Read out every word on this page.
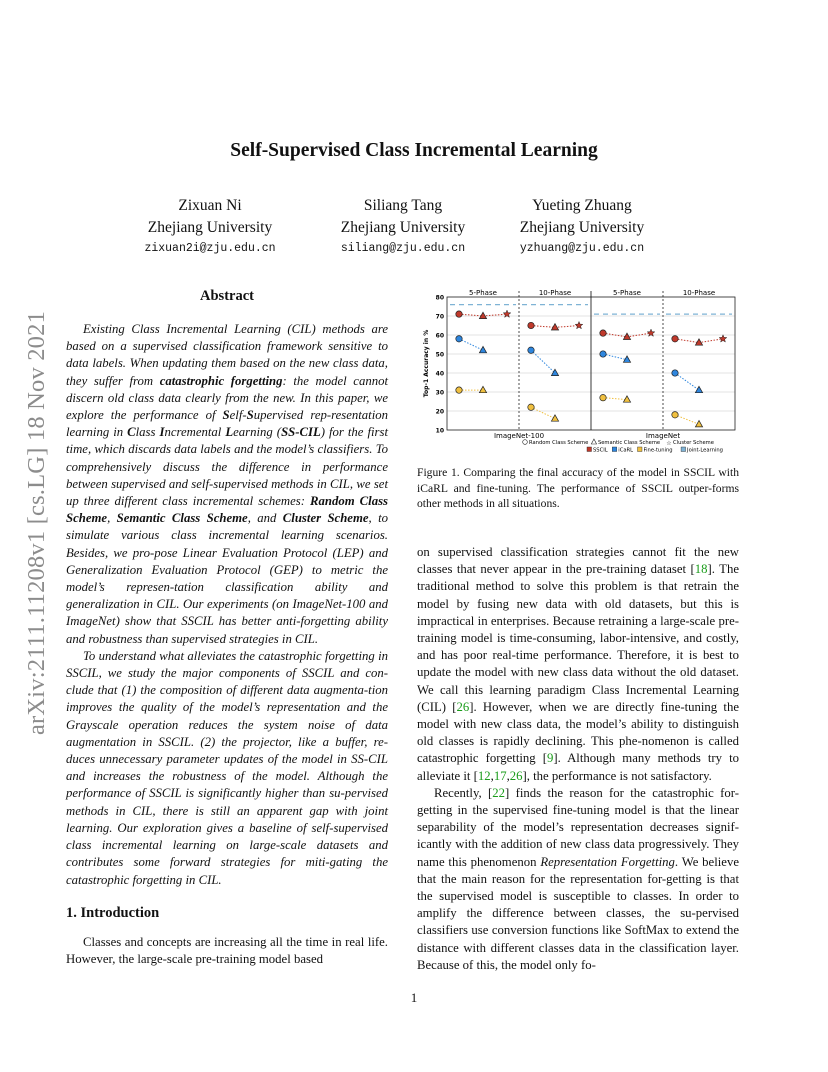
arXiv:2111.11208v1 [cs.LG] 18 Nov 2021
Self-Supervised Class Incremental Learning
Zixuan Ni
Zhejiang University
zixuan2i@zju.edu.cn
Siliang Tang
Zhejiang University
siliang@zju.edu.cn
Yueting Zhuang
Zhejiang University
yzhuang@zju.edu.cn
Abstract

Existing Class Incremental Learning (CIL) methods are based on a supervised classification framework sensitive to data labels. When updating them based on the new class data, they suffer from catastrophic forgetting: the model cannot discern old class data clearly from the new. In this paper, we explore the performance of Self-Supervised rep-resentation learning in Class Incremental Learning (SS-CIL) for the first time, which discards data labels and the model’s classifiers. To comprehensively discuss the difference in performance between supervised and self-supervised methods in CIL, we set up three different class incremental schemes: Random Class Scheme, Semantic Class Scheme, and Cluster Scheme, to simulate various class incremental learning scenarios. Besides, we pro-pose Linear Evaluation Protocol (LEP) and Generalization Evaluation Protocol (GEP) to metric the model’s represen-tation classification ability and generalization in CIL. Our experiments (on ImageNet-100 and ImageNet) show that SSCIL has better anti-forgetting ability and robustness than supervised strategies in CIL.

To understand what alleviates the catastrophic forgetting in SSCIL, we study the major components of SSCIL and con-clude that (1) the composition of different data augmenta-tion improves the quality of the model’s representation and the Grayscale operation reduces the system noise of data augmentation in SSCIL. (2) the projector, like a buffer, re-duces unnecessary parameter updates of the model in SS-CIL and increases the robustness of the model. Although the performance of SSCIL is significantly higher than su-pervised methods in CIL, there is still an apparent gap with joint learning. Our exploration gives a baseline of self-supervised class incremental learning on large-scale datasets and contributes some forward strategies for miti-gating the catastrophic forgetting in CIL.

1. Introduction

Classes and concepts are increasing all the time in real life. However, the large-scale pre-training model based

10
20
30
40
50
60
70
80
5-Phase	10-Phase	5-Phase	10-Phase
Top-1 Accuracy in %
ImageNet-100	ImageNet
Random Class Scheme Semantic Class Scheme ☆ Cluster Scheme
SSCIL iCaRL Fine-tuning	Joint-Learning
Figure 1. Comparing the final accuracy of the model in SSCIL with iCaRL and fine-tuning. The performance of SSCIL outper-forms other methods in all situations.

on supervised classification strategies cannot fit the new classes that never appear in the pre-training dataset [18]. The traditional method to solve this problem is that retrain the model by fusing new data with old datasets, but this is impractical in enterprises. Because retraining a large-scale pre-training model is time-consuming, labor-intensive, and costly, and has poor real-time performance. Therefore, it is best to update the model with new class data without the old dataset. We call this learning paradigm Class Incremental Learning (CIL) [26]. However, when we are directly fine-tuning the model with new class data, the model’s ability to distinguish old classes is rapidly declining. This phe-nomenon is called catastrophic forgetting [9]. Although many methods try to alleviate it [12,17,26], the performance is not satisfactory.

Recently, [22] finds the reason for the catastrophic for-getting in the supervised fine-tuning model is that the linear separability of the model’s representation decreases signif-icantly with the addition of new class data progressively. They name this phenomenon Representation Forgetting. We believe that the main reason for the representation for-getting is that the supervised model is susceptible to classes. In order to amplify the difference between classes, the su-pervised classifiers use conversion functions like SoftMax to extend the distance with different classes data in the classification layer. Because of this, the model only fo-

1
